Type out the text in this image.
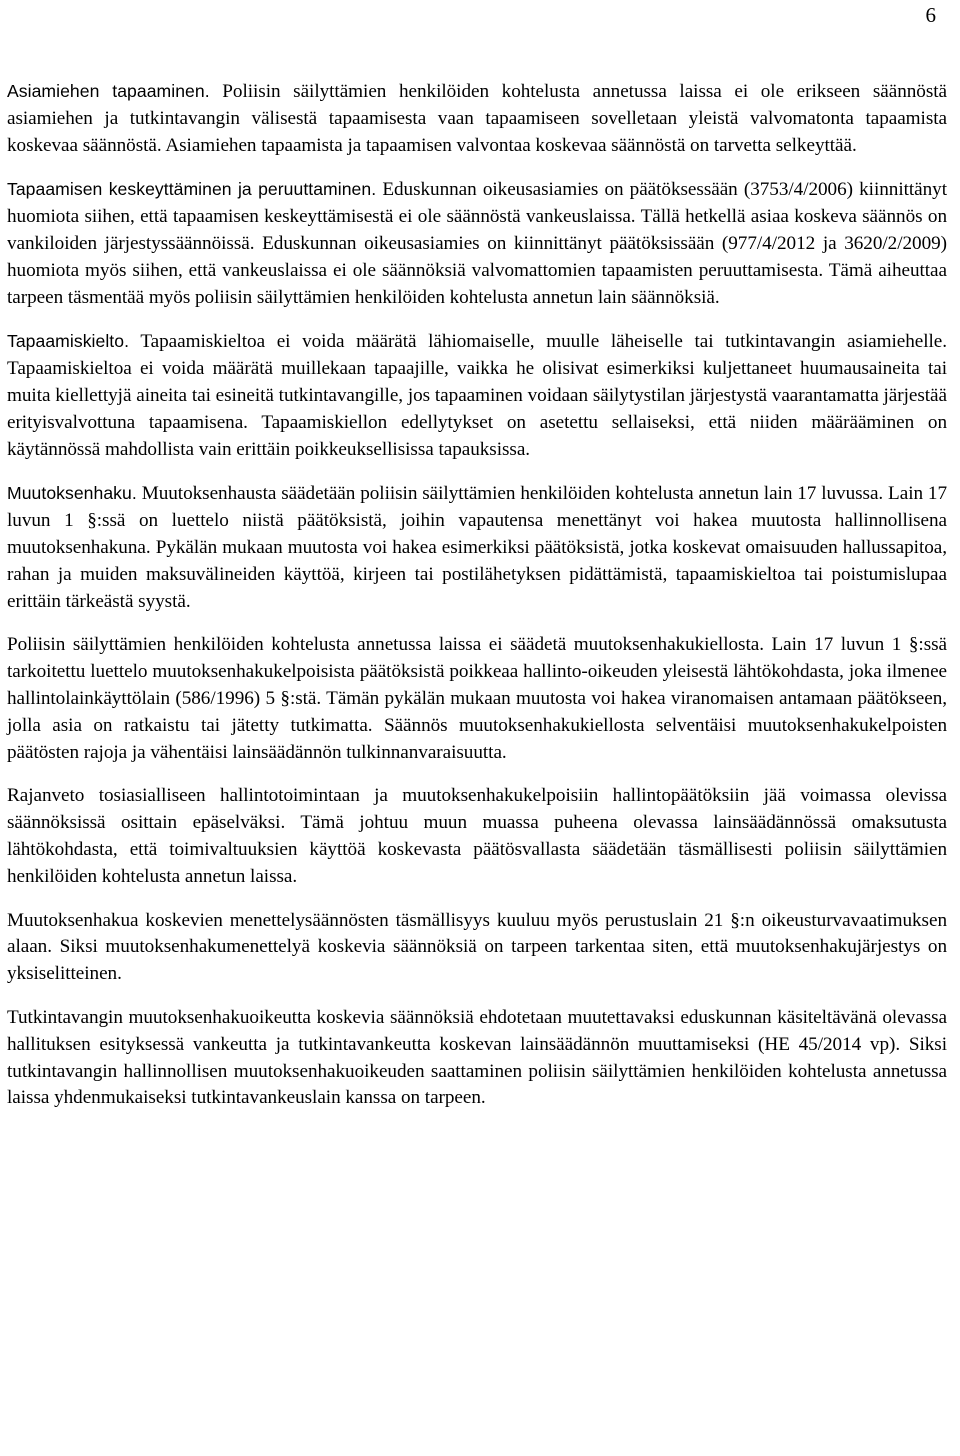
6

Asiamiehen tapaaminen. Poliisin säilyttämien henkilöiden kohtelusta annetussa laissa ei ole erikseen säännöstä asiamiehen ja tutkintavangin välisestä tapaamisesta vaan tapaamiseen sovelletaan yleistä valvomatonta tapaamista koskevaa säännöstä. Asiamiehen tapaamista ja tapaamisen valvontaa koskevaa säännöstä on tarvetta selkeyttää.

Tapaamisen keskeyttäminen ja peruuttaminen. Eduskunnan oikeusasiamies on päätöksessään (3753/4/2006) kiinnittänyt huomiota siihen, että tapaamisen keskeyttämisestä ei ole säännöstä vankeuslaissa. Tällä hetkellä asiaa koskeva säännös on vankiloiden järjestyssäännöissä. Eduskunnan oikeusasiamies on kiinnittänyt päätöksissään (977/4/2012 ja 3620/2/2009) huomiota myös siihen, että vankeuslaissa ei ole säännöksiä valvomattomien tapaamisten peruuttamisesta. Tämä aiheuttaa tarpeen täsmentää myös poliisin säilyttämien henkilöiden kohtelusta annetun lain säännöksiä.

Tapaamiskielto. Tapaamiskieltoa ei voida määrätä lähiomaiselle, muulle läheiselle tai tutkintavangin asiamiehelle. Tapaamiskieltoa ei voida määrätä muillekaan tapaajille, vaikka he olisivat esimerkiksi kuljettaneet huumausaineita tai muita kiellettyjä aineita tai esineitä tutkintavangille, jos tapaaminen voidaan säilytystilan järjestystä vaarantamatta järjestää erityisvalvottuna tapaamisena. Tapaamiskiellon edellytykset on asetettu sellaiseksi, että niiden määrääminen on käytännössä mahdollista vain erittäin poikkeuksellisissa tapauksissa.

Muutoksenhaku. Muutoksenhausta säädetään poliisin säilyttämien henkilöiden kohtelusta annetun lain 17 luvussa. Lain 17 luvun 1 §:ssä on luettelo niistä päätöksistä, joihin vapautensa menettänyt voi hakea muutosta hallinnollisena muutoksenhakuna. Pykälän mukaan muutosta voi hakea esimerkiksi päätöksistä, jotka koskevat omaisuuden hallussapitoa, rahan ja muiden maksuvälineiden käyttöä, kirjeen tai postilähetyksen pidättämistä, tapaamiskieltoa tai poistumislupaa erittäin tärkeästä syystä.

Poliisin säilyttämien henkilöiden kohtelusta annetussa laissa ei säädetä muutoksenhakukiellosta. Lain 17 luvun 1 §:ssä tarkoitettu luettelo muutoksenhakukelpoisista päätöksistä poikkeaa hallinto-oikeuden yleisestä lähtökohdasta, joka ilmenee hallintolainkäyttölain (586/1996) 5 §:stä. Tämän pykälän mukaan muutosta voi hakea viranomaisen antamaan päätökseen, jolla asia on ratkaistu tai jätetty tutkimatta. Säännös muutoksenhakukiellosta selventäisi muutoksenhakukelpoisten päätösten rajoja ja vähentäisi lainsäädännön tulkinnanvaraisuutta.

Rajanveto tosiasialliseen hallintotoimintaan ja muutoksenhakukelpoisiin hallintopäätöksiin jää voimassa olevissa säännöksissä osittain epäselväksi. Tämä johtuu muun muassa puheena olevassa lainsäädännössä omaksutusta lähtökohdasta, että toimivaltuuksien käyttöä koskevasta päätösvallasta säädetään täsmällisesti poliisin säilyttämien henkilöiden kohtelusta annetun laissa.

Muutoksenhakua koskevien menettelysäännösten täsmällisyys kuuluu myös perustuslain 21 §:n oikeusturvavaatimuksen alaan. Siksi muutoksenhakumenettelyä koskevia säännöksiä on tarpeen tarkentaa siten, että muutoksenhakujärjestys on yksiselitteinen.

Tutkintavangin muutoksenhakuoikeutta koskevia säännöksiä ehdotetaan muutettavaksi eduskunnan käsiteltävänä olevassa hallituksen esityksessä vankeutta ja tutkintavankeutta koskevan lainsäädännön muuttamiseksi (HE 45/2014 vp). Siksi tutkintavangin hallinnollisen muutoksenhakuoikeuden saattaminen poliisin säilyttämien henkilöiden kohtelusta annetussa laissa yhdenmukaiseksi tutkintavankeuslain kanssa on tarpeen.
